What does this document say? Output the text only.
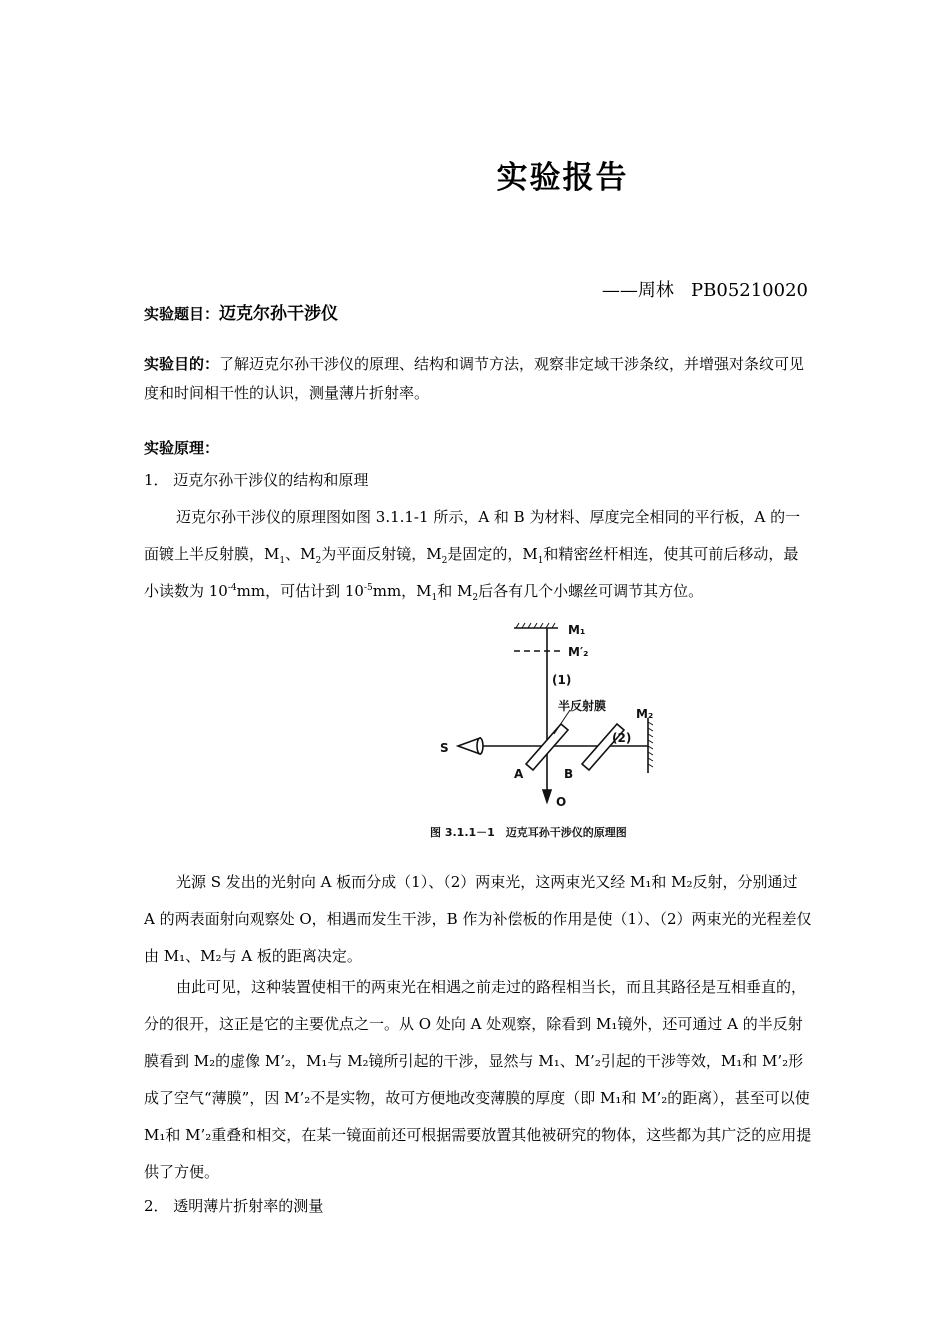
实验报告
——周林   PB05210020
实验题目：迈克尔孙干涉仪
实验目的：了解迈克尔孙干涉仪的原理、结构和调节方法，观察非定域干涉条纹，并增强对条纹可见度和时间相干性的认识，测量薄片折射率。
实验原理：
1． 迈克尔孙干涉仪的结构和原理
迈克尔孙干涉仪的原理图如图 3.1.1-1 所示，A 和 B 为材料、厚度完全相同的平行板，A 的一面镀上半反射膜，$M_1$、$M_2$为平面反射镜，$M_2$是固定的，$M_1$和精密丝杆相连，使其可前后移动，最小读数为 $10^{-4}mm$，可估计到 $10^{-5}mm$，$M_1$和 $M_2$后各有几个小螺丝可调节其方位。
M₁
M′₂
(1)
半反射膜
M₂
(2)
S
A	B
O
图 3.1.1－1　迈克耳孙干涉仪的原理图
光源 S 发出的光射向 A 板而分成（1）、（2）两束光，这两束光又经 M₁和 M₂反射，分别通过 A 的两表面射向观察处 O，相遇而发生干涉，B 作为补偿板的作用是使（1）、（2）两束光的光程差仅由 M₁、M₂与 A 板的距离决定。
由此可见，这种装置使相干的两束光在相遇之前走过的路程相当长，而且其路径是互相垂直的，分的很开，这正是它的主要优点之一。从 O 处向 A 处观察，除看到 M₁镜外，还可通过 A 的半反射膜看到 M₂的虚像 M’₂，M₁与 M₂镜所引起的干涉，显然与 M₁、M’₂引起的干涉等效，M₁和 M’₂形成了空气“薄膜”，因 M’₂不是实物，故可方便地改变薄膜的厚度（即 M₁和 M’₂的距离），甚至可以使 M₁和 M’₂重叠和相交，在某一镜面前还可根据需要放置其他被研究的物体，这些都为其广泛的应用提供了方便。
2． 透明薄片折射率的测量
